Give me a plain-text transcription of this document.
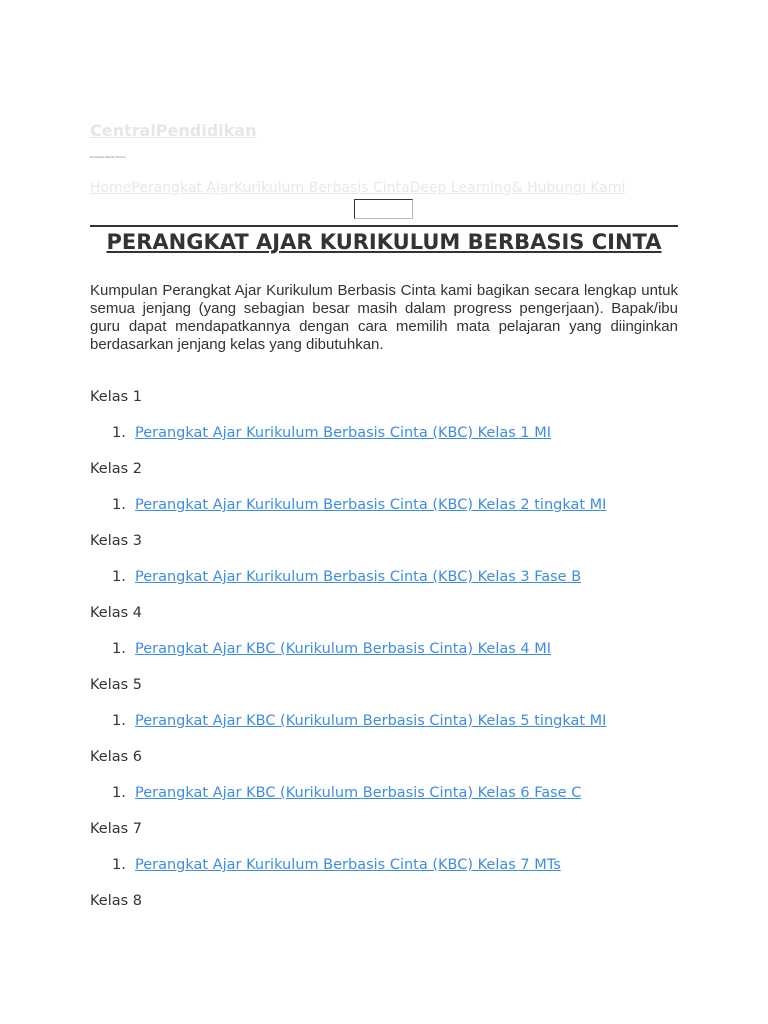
CentralPendidikan
Kumpulan Berita Terkini
HomePerangkat AjarKurikulum Berbasis CintaDeep Learning& Hubungi Kami
PERANGKAT AJAR KURIKULUM BERBASIS CINTA

Kumpulan Perangkat Ajar Kurikulum Berbasis Cinta kami bagikan secara lengkap untuk semua jenjang (yang sebagian besar masih dalam progress pengerjaan). Bapak/ibu guru dapat mendapatkannya dengan cara memilih mata pelajaran yang diinginkan berdasarkan jenjang kelas yang dibutuhkan.

Kelas 1

1. Perangkat Ajar Kurikulum Berbasis Cinta (KBC) Kelas 1 MI

Kelas 2

1. Perangkat Ajar Kurikulum Berbasis Cinta (KBC) Kelas 2 tingkat MI

Kelas 3

1. Perangkat Ajar Kurikulum Berbasis Cinta (KBC) Kelas 3 Fase B

Kelas 4

1. Perangkat Ajar KBC (Kurikulum Berbasis Cinta) Kelas 4 MI

Kelas 5

1. Perangkat Ajar KBC (Kurikulum Berbasis Cinta) Kelas 5 tingkat MI

Kelas 6

1. Perangkat Ajar KBC (Kurikulum Berbasis Cinta) Kelas 6 Fase C

Kelas 7

1. Perangkat Ajar Kurikulum Berbasis Cinta (KBC) Kelas 7 MTs

Kelas 8
